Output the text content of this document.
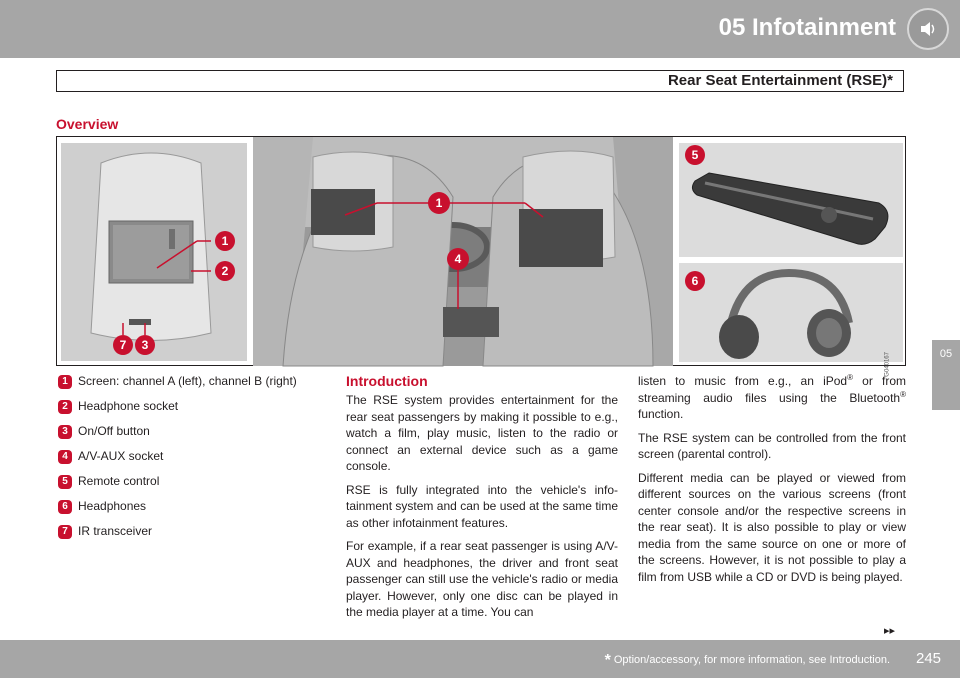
05 Infotainment
Rear Seat Entertainment (RSE)*
05
Overview
1
2
7 3
1
4
5
6
G040167
1 Screen: channel A (left), channel B (right)
2 Headphone socket
3 On/Off button
4 A/V-AUX socket
5 Remote control
6 Headphones
7 IR transceiver
Introduction

The RSE system provides entertainment for the rear seat passengers by making it possible to e.g., watch a film, play music, listen to the radio or connect an external device such as a game console.

RSE is fully integrated into the vehicle's info-tainment system and can be used at the same time as other infotainment features.

For example, if a rear seat passenger is using A/V-AUX and headphones, the driver and front seat passenger can still use the vehicle's radio or media player. However, only one disc can be played in the media player at a time. You can

listen to music from e.g., an iPod® or from streaming audio files using the Bluetooth® function.

The RSE system can be controlled from the front screen (parental control).

Different media can be played or viewed from different sources on the various screens (front center console and/or the respective screens in the rear seat). It is also possible to play or view media from the same source on one or more of the screens. However, it is not possible to play a film from USB while a CD or DVD is being played.

▸▸
* Option/accessory, for more information, see Introduction. 245
